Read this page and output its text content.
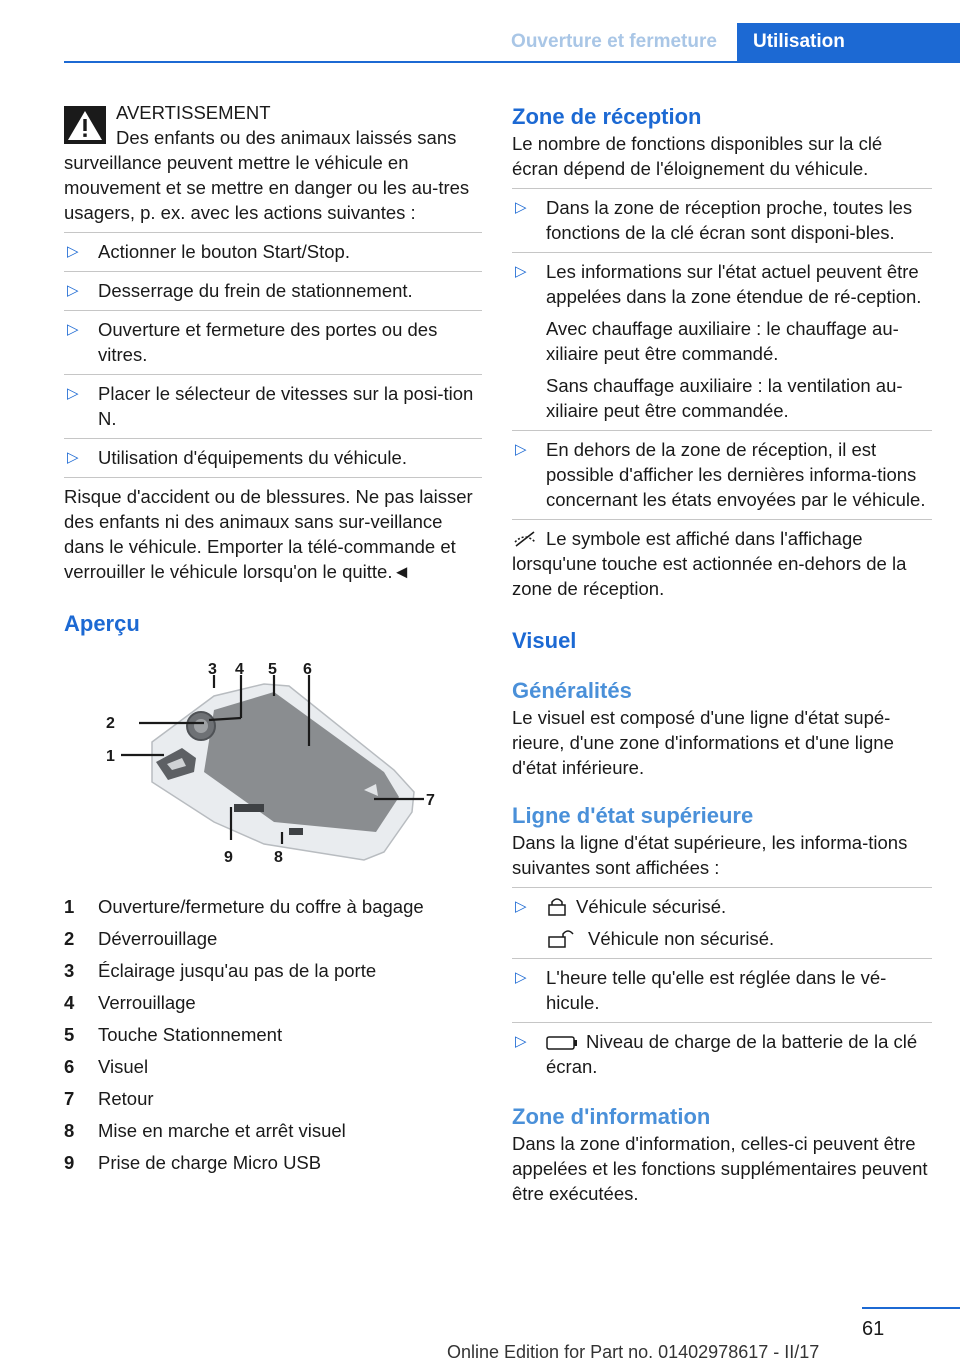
Ouverture et fermeture	Utilisation
AVERTISSEMENT

Des enfants ou des animaux laissés sans surveillance peuvent mettre le véhicule en mouvement et se mettre en danger ou les au-tres usagers, p. ex. avec les actions suivantes :

▷ Actionner le bouton Start/Stop.
▷ Desserrage du frein de stationnement.
▷ Ouverture et fermeture des portes ou des vitres.
▷ Placer le sélecteur de vitesses sur la posi-tion N.
▷ Utilisation d'équipements du véhicule.

Risque d'accident ou de blessures. Ne pas laisser des enfants ni des animaux sans sur-veillance dans le véhicule. Emporter la télé-commande et verrouiller le véhicule lorsqu'on le quitte.◄

Aperçu
3 4 5 6
2
1
7
8
9
1	Ouverture/fermeture du coffre à bagage
2	Déverrouillage
3	Éclairage jusqu'au pas de la porte
4	Verrouillage
5	Touche Stationnement
6	Visuel
7	Retour
8	Mise en marche et arrêt visuel
9	Prise de charge Micro USB
Zone de réception

Le nombre de fonctions disponibles sur la clé écran dépend de l'éloignement du véhicule.

▷ Dans la zone de réception proche, toutes les fonctions de la clé écran sont disponi-bles.
▷ Les informations sur l'état actuel peuvent être appelées dans la zone étendue de ré-ception.

Avec chauffage auxiliaire : le chauffage au-xiliaire peut être commandé.

Sans chauffage auxiliaire : la ventilation au-xiliaire peut être commandée.

▷ En dehors de la zone de réception, il est possible d'afficher les dernières informa-tions concernant les états envoyées par le véhicule.

Le symbole est affiché dans l'affichage lorsqu'une touche est actionnée en-dehors de la zone de réception.

Visuel
Généralités

Le visuel est composé d'une ligne d'état supé-rieure, d'une zone d'informations et d'une ligne d'état inférieure.

Ligne d'état supérieure

Dans la ligne d'état supérieure, les informa-tions suivantes sont affichées :

▷	Véhicule sécurisé.

Véhicule non sécurisé.

▷ L'heure telle qu'elle est réglée dans le vé-hicule.
▷	Niveau de charge de la batterie de la clé écran.
Zone d'information

Dans la zone d'information, celles-ci peuvent être appelées et les fonctions supplémentaires peuvent être exécutées.

61
Online Edition for Part no. 01402978617 - II/17
